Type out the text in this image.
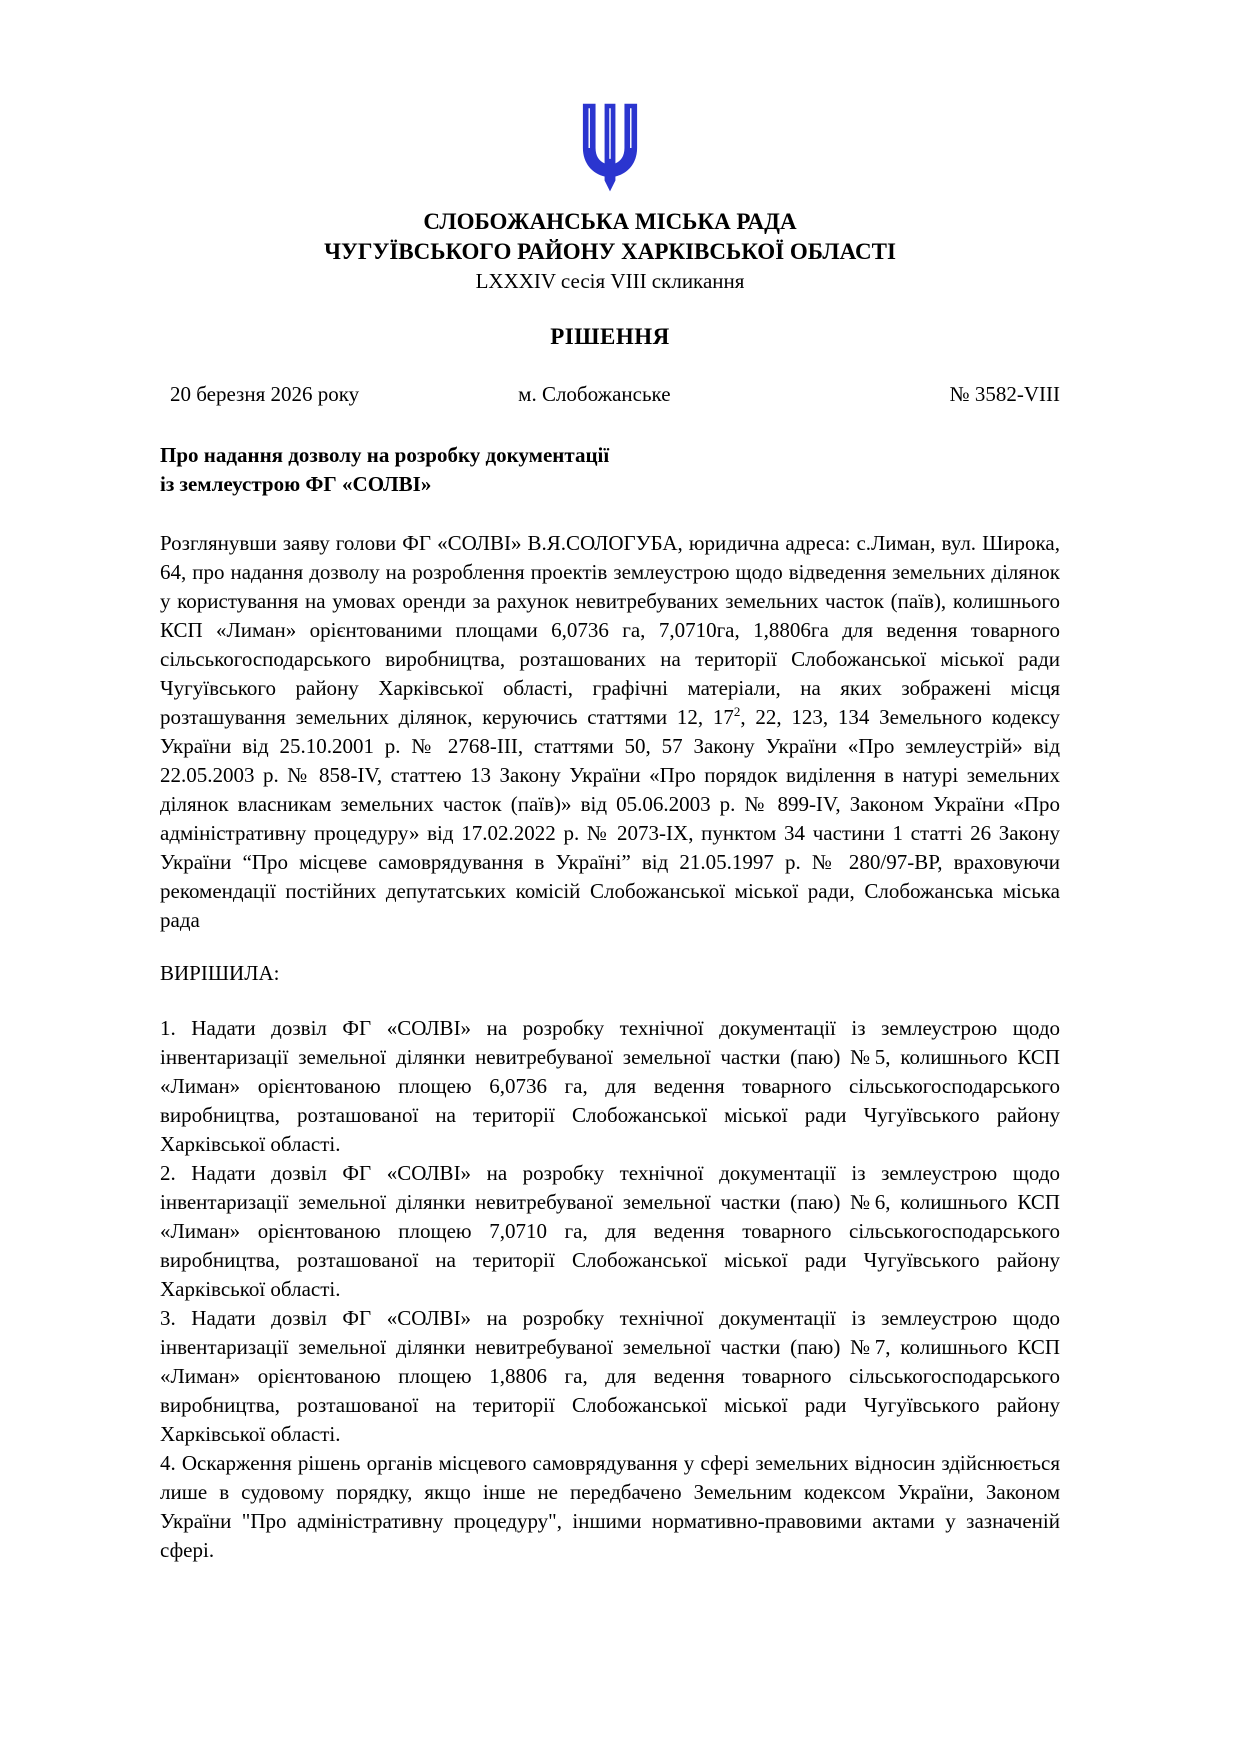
СЛОБОЖАНСЬКА МІСЬКА РАДА
ЧУГУЇВСЬКОГО РАЙОНУ ХАРКІВСЬКОЇ ОБЛАСТІ
LXXXIV сесія VIII скликання
РІШЕННЯ
20 березня 2026 року	м. Слобожанське	№ 3582-VIII
Про надання дозволу на розробку документації
із землеустрою ФГ «СОЛВІ»

Розглянувши заяву голови ФГ «СОЛВІ» В.Я.СОЛОГУБА, юридична адреса: с.Лиман, вул. Широка, 64, про надання дозволу на розроблення проектів землеустрою щодо відведення земельних ділянок у користування на умовах оренди за рахунок невитребуваних земельних часток (паїв), колишнього КСП «Лиман» орієнтованими площами 6,0736 га, 7,0710га, 1,8806га для ведення товарного сільськогосподарського виробництва, розташованих на території Слобожанської міської ради Чугуївського району Харківської області, графічні матеріали, на яких зображені місця розташування земельних ділянок, керуючись статтями 12, $17^2$, 22, 123, 134 Земельного кодексу України від 25.10.2001 р. № 2768-III, статтями 50, 57 Закону України «Про землеустрій» від 22.05.2003 р. № 858-IV, статтею 13 Закону України «Про порядок виділення в натурі земельних ділянок власникам земельних часток (паїв)» від 05.06.2003 р. № 899-IV, Законом України «Про адміністративну процедуру» від 17.02.2022 р. № 2073-IX, пунктом 34 частини 1 статті 26 Закону України “Про місцеве самоврядування в Україні” від 21.05.1997 р. № 280/97-ВР, враховуючи рекомендації постійних депутатських комісій Слобожанської міської ради, Слобожанська міська рада

ВИРІШИЛА:

1. Надати дозвіл ФГ «СОЛВІ» на розробку технічної документації із землеустрою щодо інвентаризації земельної ділянки невитребуваної земельної частки (паю) №5, колишнього КСП «Лиман» орієнтованою площею 6,0736 га, для ведення товарного сільськогосподарського виробництва, розташованої на території Слобожанської міської ради Чугуївського району Харківської області.

2. Надати дозвіл ФГ «СОЛВІ» на розробку технічної документації із землеустрою щодо інвентаризації земельної ділянки невитребуваної земельної частки (паю) №6, колишнього КСП «Лиман» орієнтованою площею 7,0710 га, для ведення товарного сільськогосподарського виробництва, розташованої на території Слобожанської міської ради Чугуївського району Харківської області.

3. Надати дозвіл ФГ «СОЛВІ» на розробку технічної документації із землеустрою щодо інвентаризації земельної ділянки невитребуваної земельної частки (паю) №7, колишнього КСП «Лиман» орієнтованою площею 1,8806 га, для ведення товарного сільськогосподарського виробництва, розташованої на території Слобожанської міської ради Чугуївського району Харківської області.

4. Оскарження рішень органів місцевого самоврядування у сфері земельних відносин здійснюється лише в судовому порядку, якщо інше не передбачено Земельним кодексом України, Законом України "Про адміністративну процедуру", іншими нормативно-правовими актами у зазначеній сфері.
